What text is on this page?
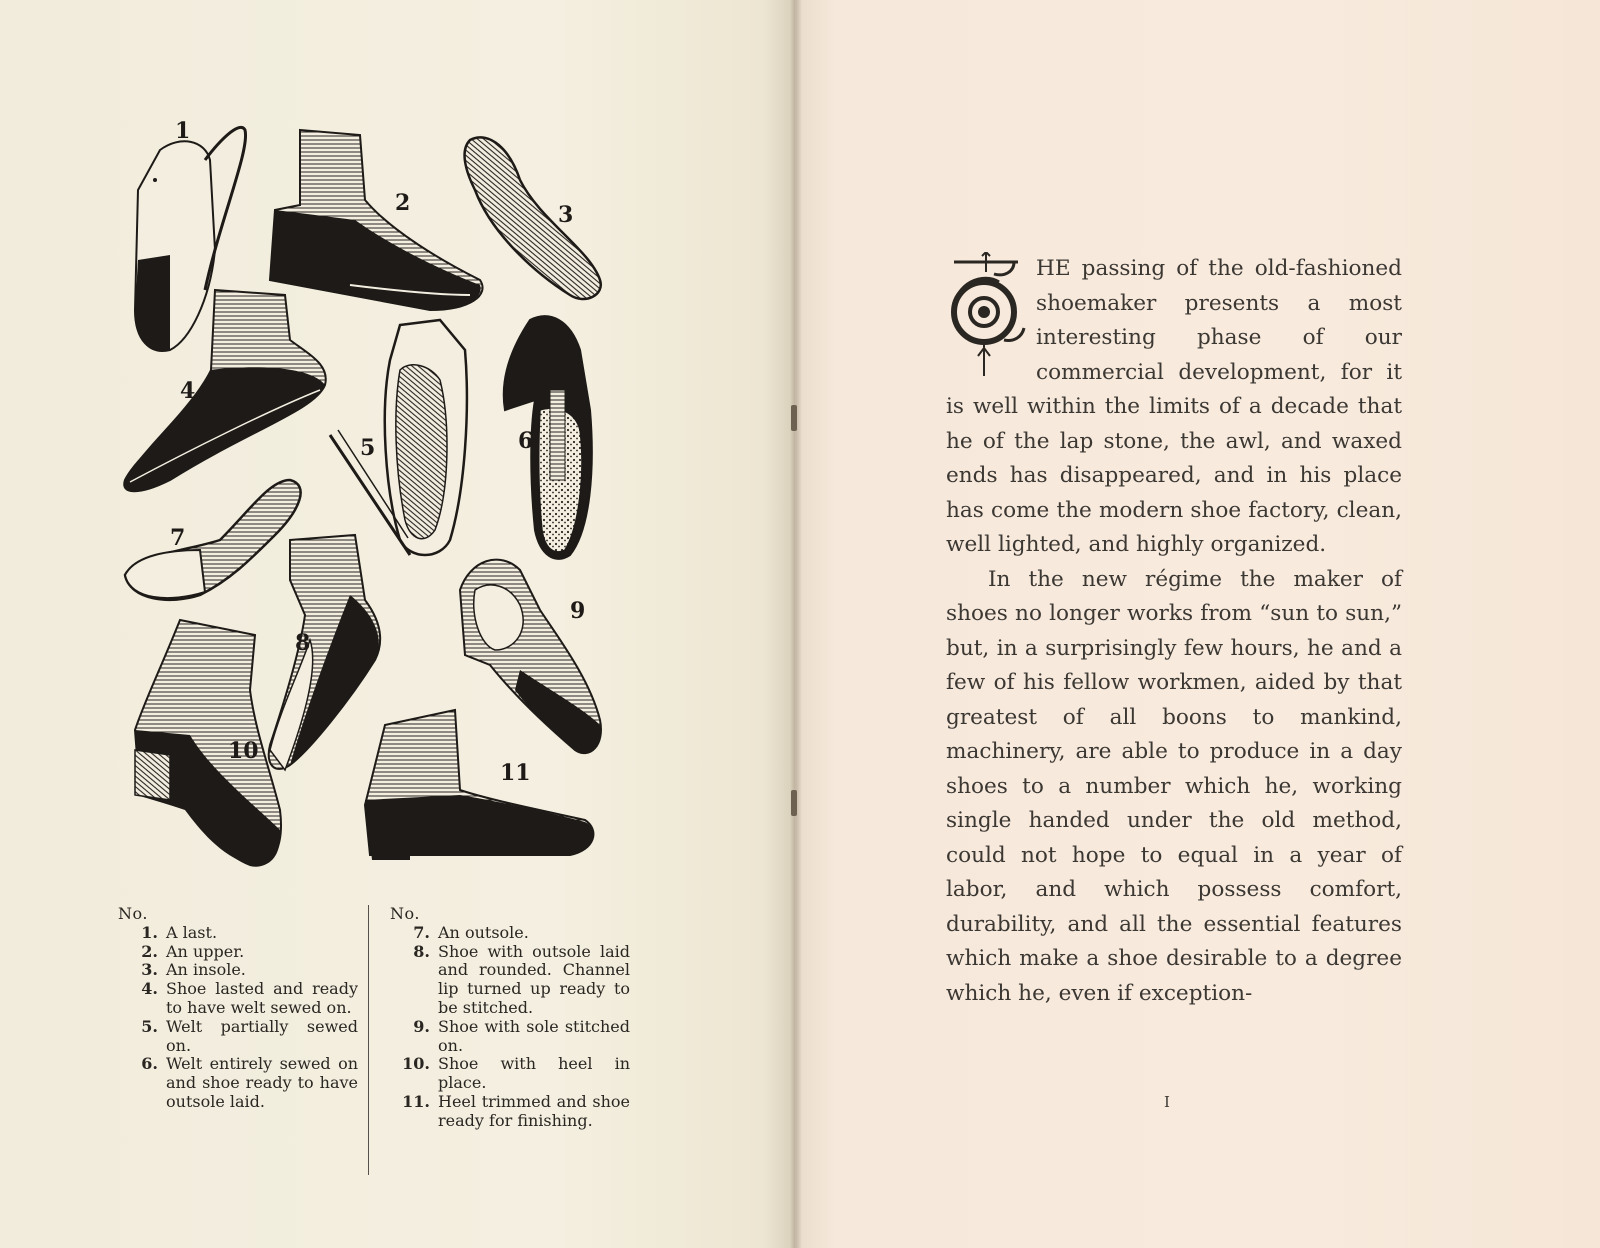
1
2	3
4
5	6
7
8
9
10
11
No.
1. A last.
2. An upper.
3. An insole.
4. Shoe lasted and ready to have welt sewed on.
5. Welt partially sewed on.
6. Welt entirely sewed on and shoe ready to have outsole laid.
No.
7. An outsole.
8. Shoe with outsole laid and rounded. Channel lip turned up ready to be stitched.
9. Shoe with sole stitched on.
10. Shoe with heel in place.
11. Heel trimmed and shoe ready for finishing.

HE passing of the old-fashioned shoemaker presents a most interesting phase of our commercial development, for it is well within the limits of a decade that he of the lap stone, the awl, and waxed ends has disappeared, and in his place has come the modern shoe factory, clean, well lighted, and highly organized.

In the new régime the maker of shoes no longer works from “sun to sun,” but, in a surprisingly few hours, he and a few of his fellow workmen, aided by that greatest of all boons to mankind, machinery, are able to produce in a day shoes to a number which he, working single handed under the old method, could not hope to equal in a year of labor, and which possess comfort, durability, and all the essential features which make a shoe desirable to a degree which he, even if exception-

I
